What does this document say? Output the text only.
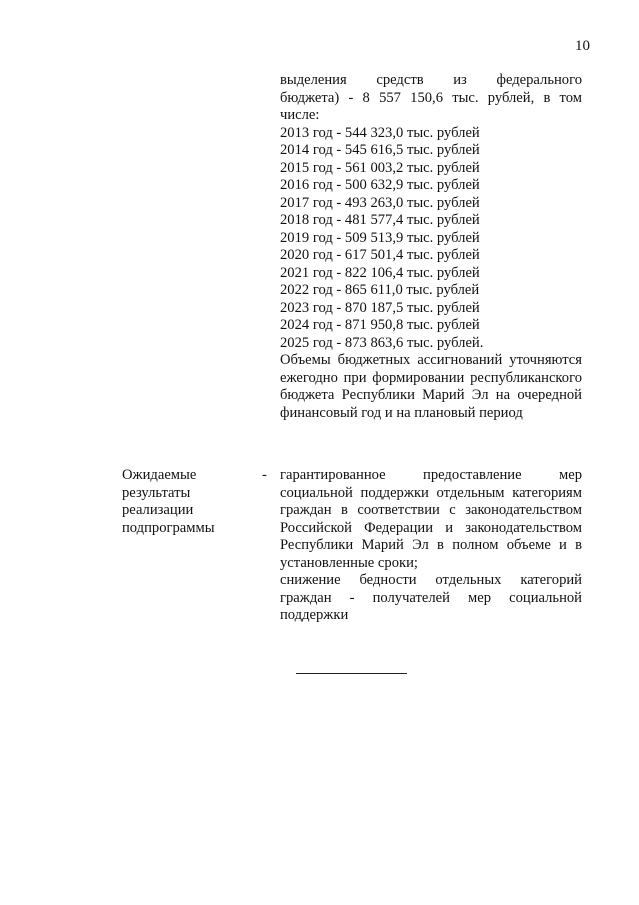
10
выделения средств из федерального
бюджета) - 8 557 150,6 тыс. рублей, в том
числе:
2013 год - 544 323,0 тыс. рублей
2014 год - 545 616,5 тыс. рублей
2015 год - 561 003,2 тыс. рублей
2016 год - 500 632,9 тыс. рублей
2017 год - 493 263,0 тыс. рублей
2018 год - 481 577,4 тыс. рублей
2019 год - 509 513,9 тыс. рублей
2020 год - 617 501,4 тыс. рублей
2021 год - 822 106,4 тыс. рублей
2022 год - 865 611,0 тыс. рублей
2023 год - 870 187,5 тыс. рублей
2024 год - 871 950,8 тыс. рублей
2025 год - 873 863,6 тыс. рублей.
Объемы бюджетных ассигнований уточняются ежегодно при формировании республиканского бюджета Республики Марий Эл на очередной финансовый год и на плановый период
Ожидаемые результаты реализации подпрограммы
- гарантированное предоставление мер социальной поддержки отдельным категориям граждан в соответствии с законодательством Российской Федерации и законодательством Республики Марий Эл в полном объеме и в установленные сроки;
снижение бедности отдельных категорий граждан - получателей мер социальной поддержки
